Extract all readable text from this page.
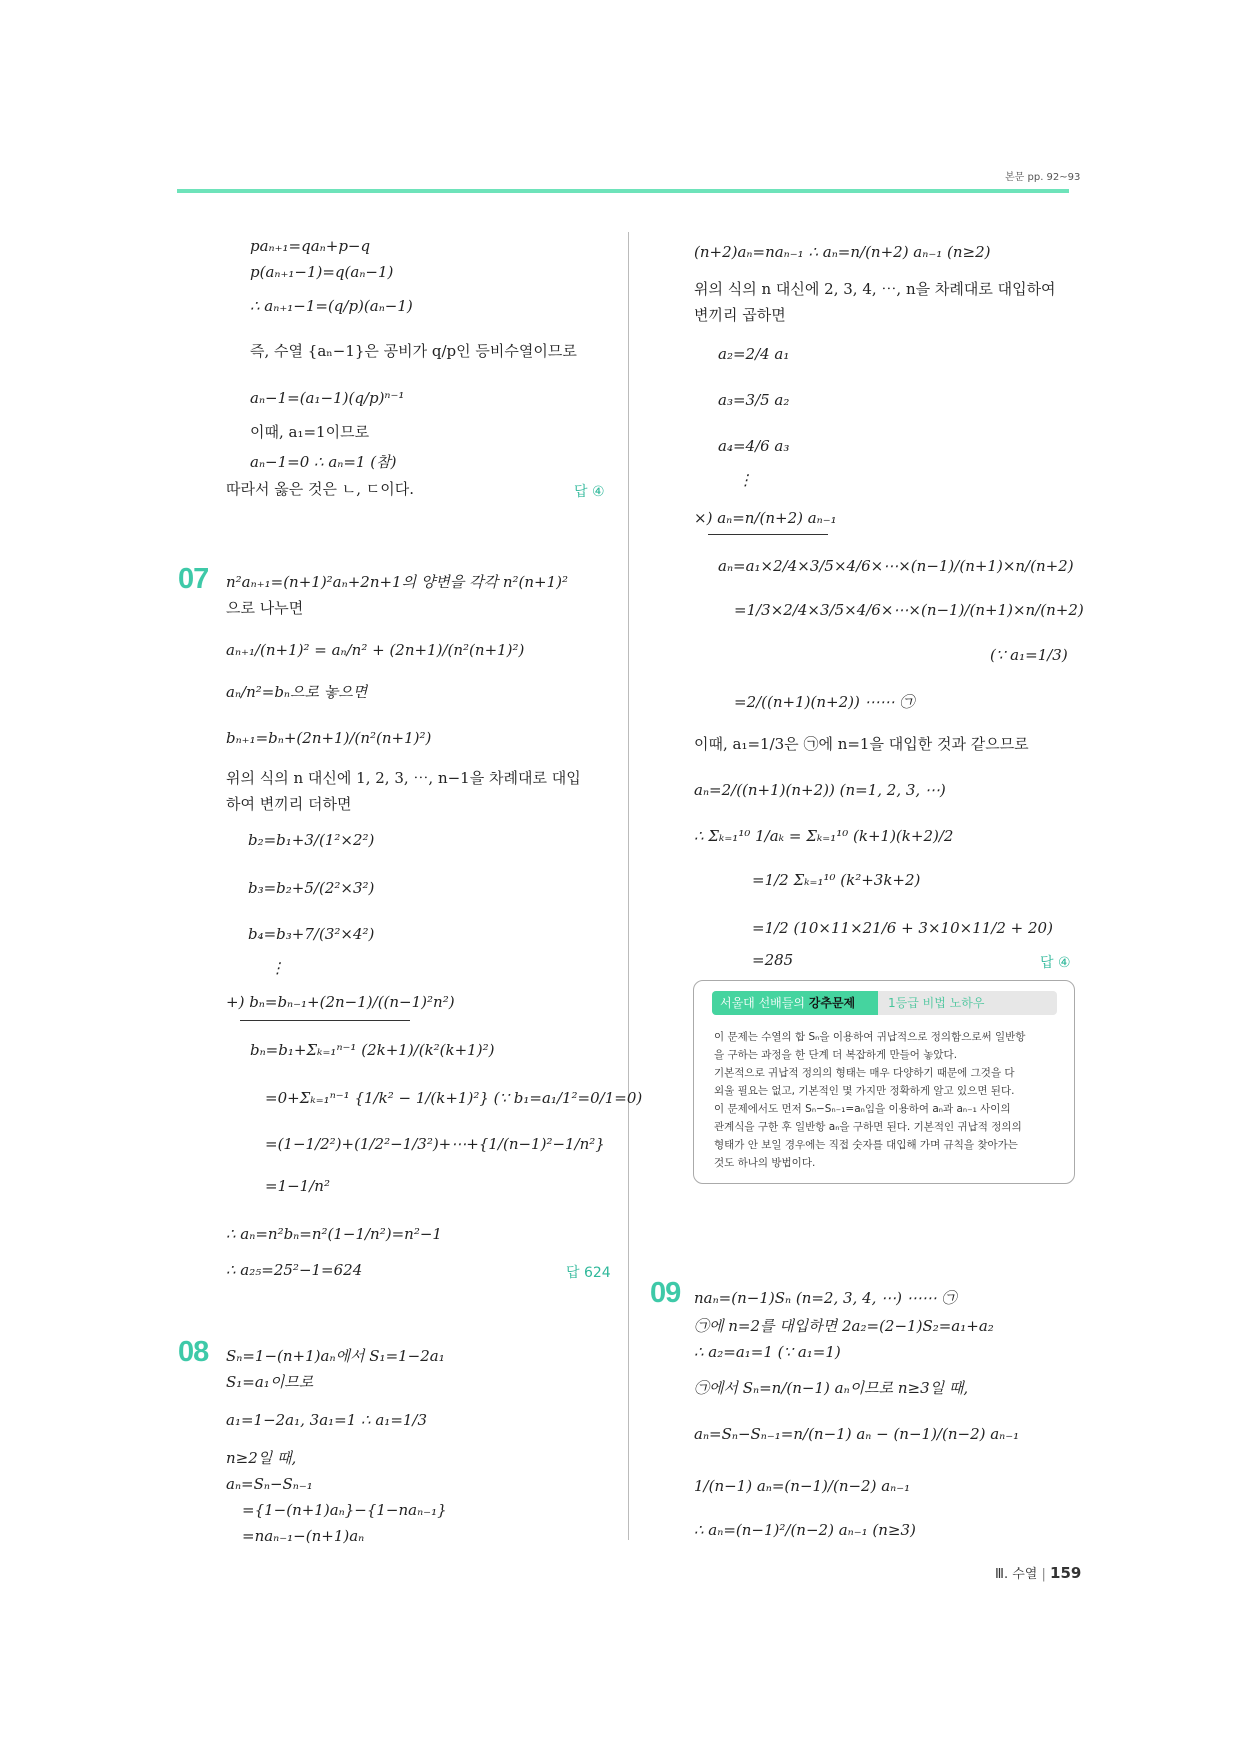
본문 pp. 92~93
paₙ₊₁=qaₙ+p−q
p(aₙ₊₁−1)=q(aₙ−1)
∴ aₙ₊₁−1=(q/p)(aₙ−1)
즉, 수열 {aₙ−1}은 공비가 q/p인 등비수열이므로
aₙ−1=(a₁−1)(q/p)ⁿ⁻¹
이때, a₁=1이므로
aₙ−1=0 ∴ aₙ=1 (참)
따라서 옳은 것은 ㄴ, ㄷ이다.	답 ④
07 n²aₙ₊₁=(n+1)²aₙ+2n+1의 양변을 각각 n²(n+1)²
으로 나누면
aₙ₊₁/(n+1)² = aₙ/n² + (2n+1)/(n²(n+1)²)
aₙ/n²=bₙ으로 놓으면
bₙ₊₁=bₙ+(2n+1)/(n²(n+1)²)
위의 식의 n 대신에 1, 2, 3, ⋯, n−1을 차례대로 대입
하여 변끼리 더하면
b₂=b₁+3/(1²×2²)
b₃=b₂+5/(2²×3²)
b₄=b₃+7/(3²×4²)
⋮
+) bₙ=bₙ₋₁+(2n−1)/((n−1)²n²)
bₙ=b₁+Σₖ₌₁ⁿ⁻¹ (2k+1)/(k²(k+1)²)
=0+Σₖ₌₁ⁿ⁻¹ {1/k² − 1/(k+1)²} (∵ b₁=a₁/1²=0/1=0)
=(1−1/2²)+(1/2²−1/3²)+⋯+{1/(n−1)²−1/n²}
=1−1/n²
∴ aₙ=n²bₙ=n²(1−1/n²)=n²−1
∴ a₂₅=25²−1=624	답 624
08 Sₙ=1−(n+1)aₙ에서 S₁=1−2a₁
S₁=a₁이므로
a₁=1−2a₁, 3a₁=1 ∴ a₁=1/3
n≥2일 때,
aₙ=Sₙ−Sₙ₋₁
={1−(n+1)aₙ}−{1−naₙ₋₁}
=naₙ₋₁−(n+1)aₙ
(n+2)aₙ=naₙ₋₁ ∴ aₙ=n/(n+2) aₙ₋₁ (n≥2)
위의 식의 n 대신에 2, 3, 4, ⋯, n을 차례대로 대입하여
변끼리 곱하면
a₂=2/4 a₁
a₃=3/5 a₂
a₄=4/6 a₃
⋮
×) aₙ=n/(n+2) aₙ₋₁
aₙ=a₁×2/4×3/5×4/6×⋯×(n−1)/(n+1)×n/(n+2)
=1/3×2/4×3/5×4/6×⋯×(n−1)/(n+1)×n/(n+2)
(∵ a₁=1/3)
=2/((n+1)(n+2)) ⋯⋯ ㉠
이때, a₁=1/3은 ㉠에 n=1을 대입한 것과 같으므로
aₙ=2/((n+1)(n+2)) (n=1, 2, 3, ⋯)
∴ Σₖ₌₁¹⁰ 1/aₖ = Σₖ₌₁¹⁰ (k+1)(k+2)/2
=1/2 Σₖ₌₁¹⁰ (k²+3k+2)
=1/2 (10×11×21/6 + 3×10×11/2 + 20)
=285	답 ④
서울대 선배들의 강추문제	1등급 비법 노하우
이 문제는 수열의 합 Sₙ을 이용하여 귀납적으로 정의함으로써 일반항
을 구하는 과정을 한 단계 더 복잡하게 만들어 놓았다.
기본적으로 귀납적 정의의 형태는 매우 다양하기 때문에 그것을 다
외울 필요는 없고, 기본적인 몇 가지만 정확하게 알고 있으면 된다.
이 문제에서도 먼저 Sₙ−Sₙ₋₁=aₙ임을 이용하여 aₙ과 aₙ₋₁ 사이의
관계식을 구한 후 일반항 aₙ을 구하면 된다. 기본적인 귀납적 정의의
형태가 안 보일 경우에는 직접 숫자를 대입해 가며 규칙을 찾아가는
것도 하나의 방법이다.
09 naₙ=(n−1)Sₙ (n=2, 3, 4, ⋯) ⋯⋯ ㉠
㉠에 n=2를 대입하면 2a₂=(2−1)S₂=a₁+a₂
∴ a₂=a₁=1 (∵ a₁=1)
㉠에서 Sₙ=n/(n−1) aₙ이므로 n≥3일 때,
aₙ=Sₙ−Sₙ₋₁=n/(n−1) aₙ − (n−1)/(n−2) aₙ₋₁
1/(n−1) aₙ=(n−1)/(n−2) aₙ₋₁
∴ aₙ=(n−1)²/(n−2) aₙ₋₁ (n≥3)
Ⅲ. 수열 | 159
